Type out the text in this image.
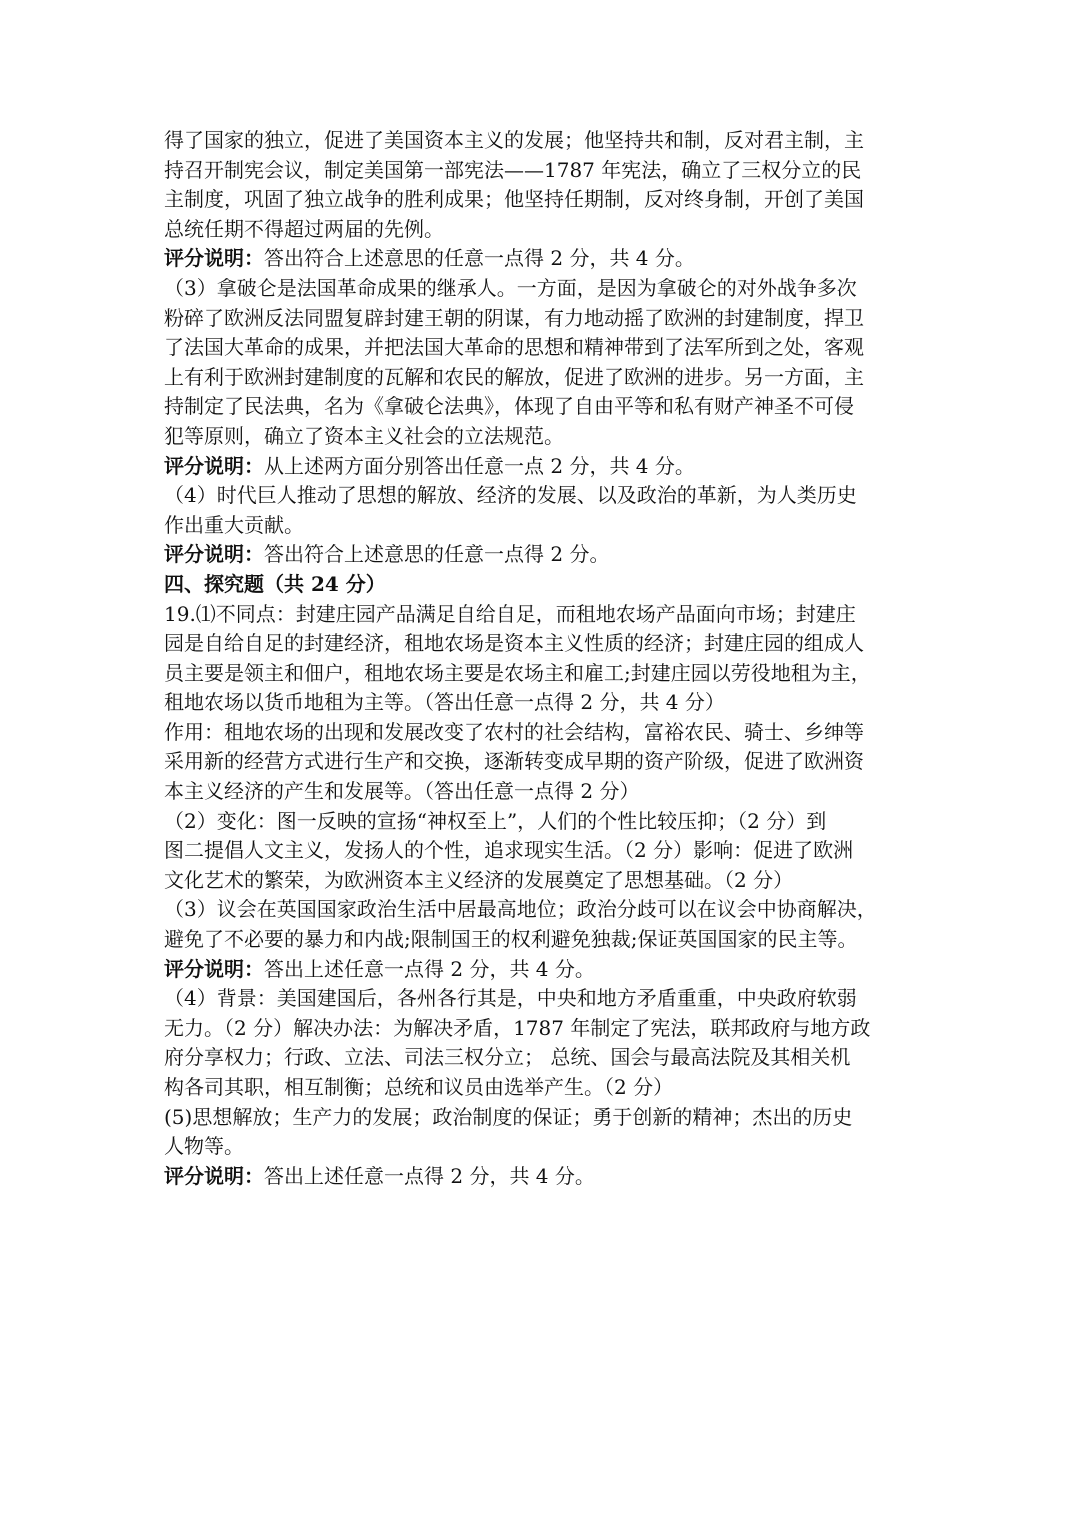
得了国家的独立，促进了美国资本主义的发展；他坚持共和制，反对君主制，主
持召开制宪会议，制定美国第一部宪法——1787 年宪法，确立了三权分立的民
主制度，巩固了独立战争的胜利成果；他坚持任期制，反对终身制，开创了美国
总统任期不得超过两届的先例。
评分说明：答出符合上述意思的任意一点得 2 分，共 4 分。
（3）拿破仑是法国革命成果的继承人。一方面，是因为拿破仑的对外战争多次
粉碎了欧洲反法同盟复辟封建王朝的阴谋，有力地动摇了欧洲的封建制度，捍卫
了法国大革命的成果，并把法国大革命的思想和精神带到了法军所到之处，客观
上有利于欧洲封建制度的瓦解和农民的解放，促进了欧洲的进步。另一方面，主
持制定了民法典，名为《拿破仑法典》，体现了自由平等和私有财产神圣不可侵
犯等原则，确立了资本主义社会的立法规范。
评分说明：从上述两方面分别答出任意一点 2 分，共 4 分。
（4）时代巨人推动了思想的解放、经济的发展、以及政治的革新，为人类历史
作出重大贡献。
评分说明：答出符合上述意思的任意一点得 2 分。
四、探究题（共 24 分）
19.⑴不同点：封建庄园产品满足自给自足，而租地农场产品面向市场；封建庄
园是自给自足的封建经济，租地农场是资本主义性质的经济；封建庄园的组成人
员主要是领主和佃户，租地农场主要是农场主和雇工;封建庄园以劳役地租为主，
租地农场以货币地租为主等。（答出任意一点得 2 分，共 4 分）
作用：租地农场的出现和发展改变了农村的社会结构，富裕农民、骑士、乡绅等
采用新的经营方式进行生产和交换，逐渐转变成早期的资产阶级，促进了欧洲资
本主义经济的产生和发展等。（答出任意一点得 2 分）
（2）变化：图一反映的宣扬“神权至上”，人们的个性比较压抑；（2 分）到
图二提倡人文主义，发扬人的个性，追求现实生活。（2 分）影响：促进了欧洲
文化艺术的繁荣，为欧洲资本主义经济的发展奠定了思想基础。（2 分）
（3）议会在英国国家政治生活中居最高地位；政治分歧可以在议会中协商解决，
避免了不必要的暴力和内战;限制国王的权利避免独裁;保证英国国家的民主等。
评分说明：答出上述任意一点得 2 分，共 4 分。
（4）背景：美国建国后，各州各行其是，中央和地方矛盾重重，中央政府软弱
无力。（2 分）解决办法：为解决矛盾，1787 年制定了宪法，联邦政府与地方政
府分享权力；行政、立法、司法三权分立； 总统、国会与最高法院及其相关机
构各司其职，相互制衡；总统和议员由选举产生。（2 分）
(5)思想解放；生产力的发展；政治制度的保证；勇于创新的精神；杰出的历史
人物等。
评分说明：答出上述任意一点得 2 分，共 4 分。
